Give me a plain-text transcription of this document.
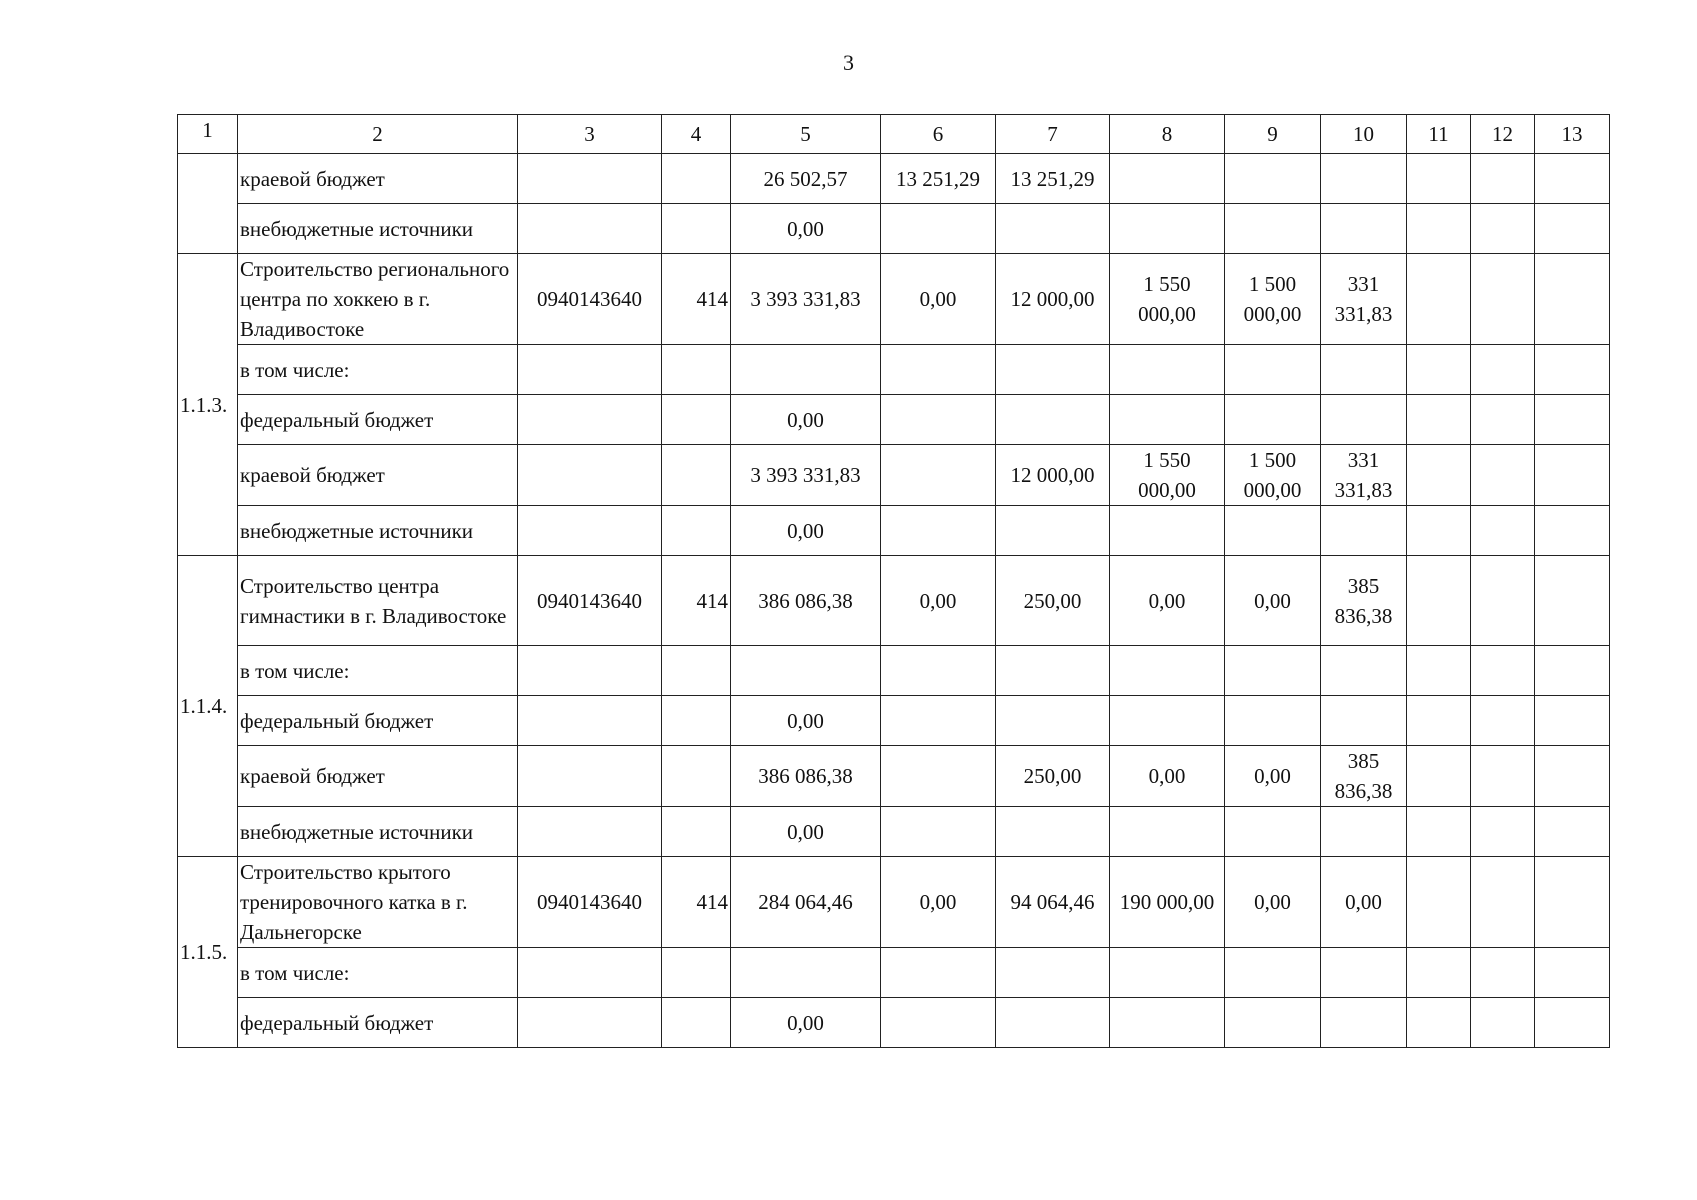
3
1	2	3	4	5	6	7	8	9	10	11	12	13
	краевой бюджет			26 502,57	13 251,29	13 251,29						
	внебюджетные источники			0,00								
1.1.3.	Строительство регионального центра по хоккею в г. Владивостоке	0940143640	414	3 393 331,83	0,00	12 000,00	1 550 000,00	1 500 000,00	331 331,83			
	в том числе:											
	федеральный бюджет			0,00								
	краевой бюджет			3 393 331,83		12 000,00	1 550 000,00	1 500 000,00	331 331,83			
	внебюджетные источники			0,00								
1.1.4.	Строительство центра гимнастики в г. Владивостоке	0940143640	414	386 086,38	0,00	250,00	0,00	0,00	385 836,38			
	в том числе:											
	федеральный бюджет			0,00								
	краевой бюджет			386 086,38		250,00	0,00	0,00	385 836,38			
	внебюджетные источники			0,00								
1.1.5.	Строительство крытого тренировочного катка в г. Дальнегорске	0940143640	414	284 064,46	0,00	94 064,46	190 000,00	0,00	0,00			
	в том числе:											
	федеральный бюджет			0,00								
